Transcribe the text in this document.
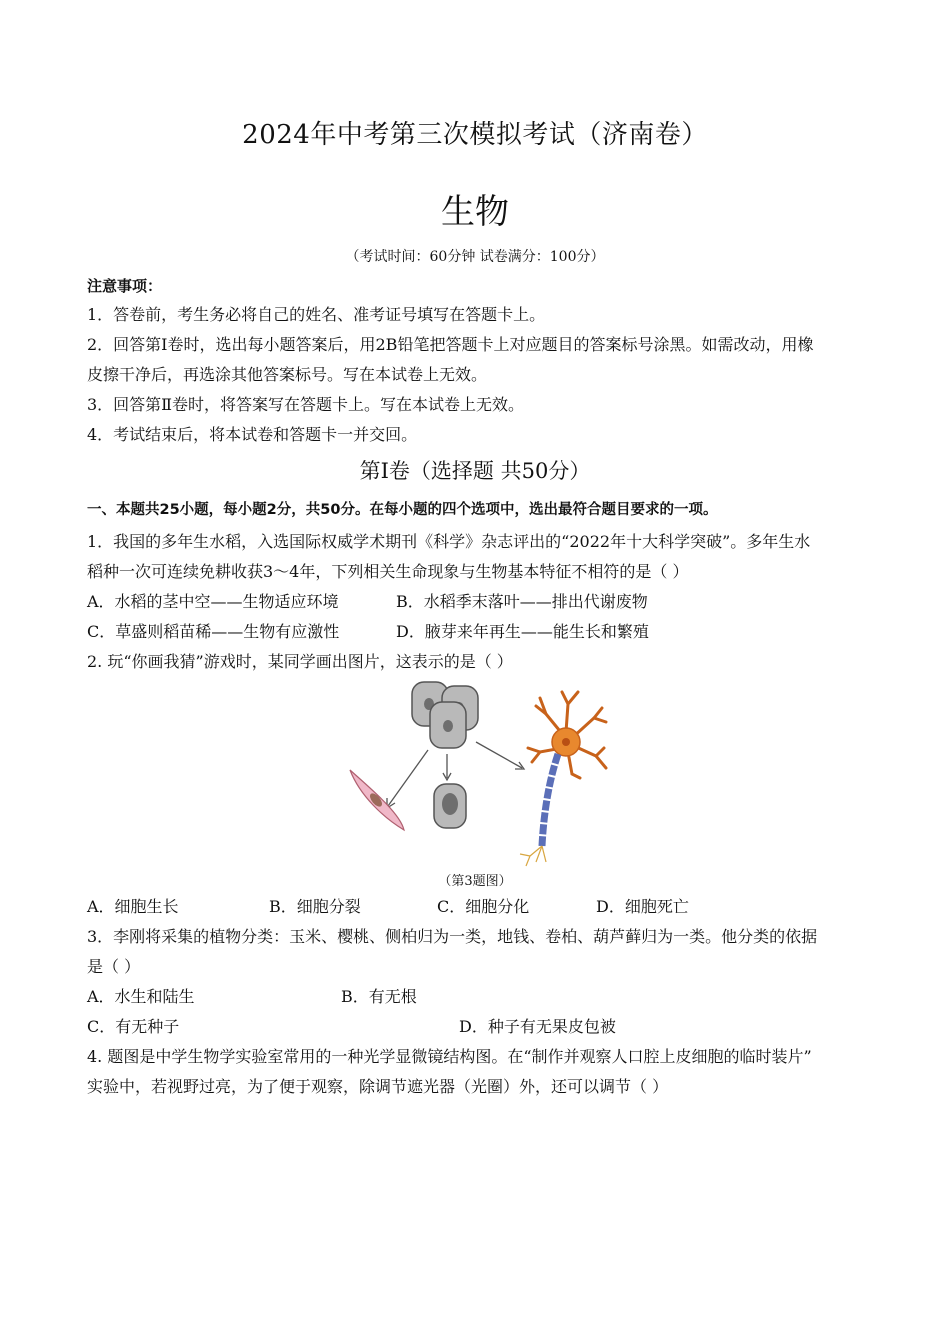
2024年中考第三次模拟考试（济南卷）
生物
（考试时间：60分钟 试卷满分：100分）
注意事项：
1．答卷前，考生务必将自己的姓名、准考证号填写在答题卡上。
2．回答第Ⅰ卷时，选出每小题答案后，用2B铅笔把答题卡上对应题目的答案标号涂黑。如需改动，用橡
皮擦干净后，再选涂其他答案标号。写在本试卷上无效。
3．回答第Ⅱ卷时，将答案写在答题卡上。写在本试卷上无效。
4．考试结束后，将本试卷和答题卡一并交回。
第Ⅰ卷（选择题 共50分）
一、本题共25小题，每小题2分，共50分。在每小题的四个选项中，选出最符合题目要求的一项。
1．我国的多年生水稻，入选国际权威学术期刊《科学》杂志评出的“2022年十大科学突破”。多年生水
稻种一次可连续免耕收获3～4年，下列相关生命现象与生物基本特征不相符的是（ ）
A．水稻的茎中空——生物适应环境	B．水稻季末落叶——排出代谢废物
C．草盛则稻苗稀——生物有应激性	D．腋芽来年再生——能生长和繁殖
2. 玩“你画我猜”游戏时，某同学画出图片，这表示的是（ ）
（第3题图）
A．细胞生长	B．细胞分裂	C．细胞分化	D．细胞死亡
3．李刚将采集的植物分类：玉米、樱桃、侧柏归为一类，地钱、卷柏、葫芦藓归为一类。他分类的依据
是（ ）
A．水生和陆生	B．有无根
C．有无种子	D．种子有无果皮包被
4. 题图是中学生物学实验室常用的一种光学显微镜结构图。在“制作并观察人口腔上皮细胞的临时装片”
实验中，若视野过亮，为了便于观察，除调节遮光器（光圈）外，还可以调节（ ）
